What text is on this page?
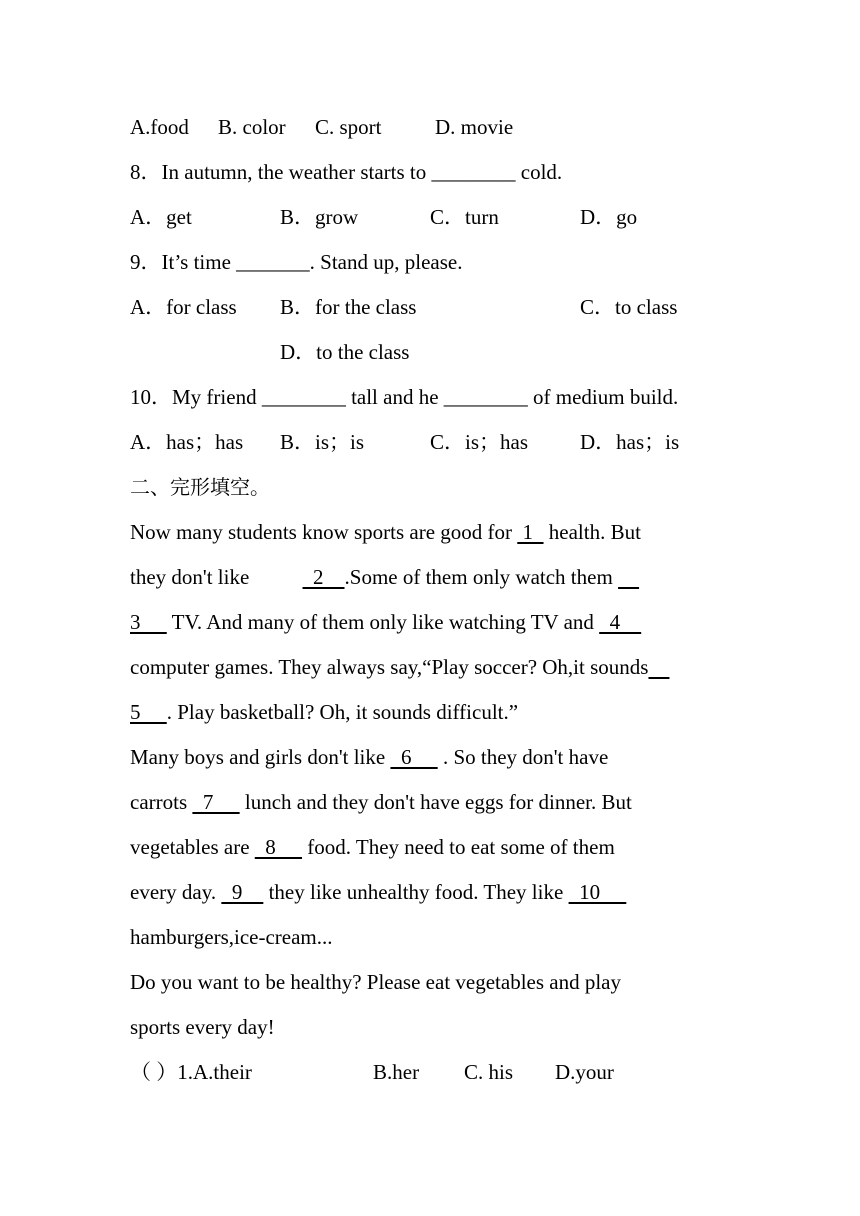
A.food B. color C. sport	D. movie
8．In autumn, the weather starts to ________ cold.
A．get	B．grow	C．turn	D．go
9．It’s time _______. Stand up, please.
A．for class B．for the class	C．to class
D．to the class
10．My friend ________ tall and he ________ of medium build.
A．has；has B．is；is	C．is；has D．has；is
二、完形填空。
Now many students know sports are good for  1   health. But
they don't like   2    .Some of them only watch them
3      TV. And many of them only like watching TV and   4
computer games. They always say,“Play soccer? Oh,it sounds
5     . Play basketball? Oh, it sounds difficult.”
Many boys and girls don't like   6      . So they don't have
carrots   7      lunch and they don't have eggs for dinner. But
vegetables are   8      food. They need to eat some of them
every day.   9     they like unhealthy food. They like   10
hamburgers,ice-cream...
Do you want to be healthy? Please eat vegetables and play
sports every day!
（ ）1.A.their	B.her C. his D.your
